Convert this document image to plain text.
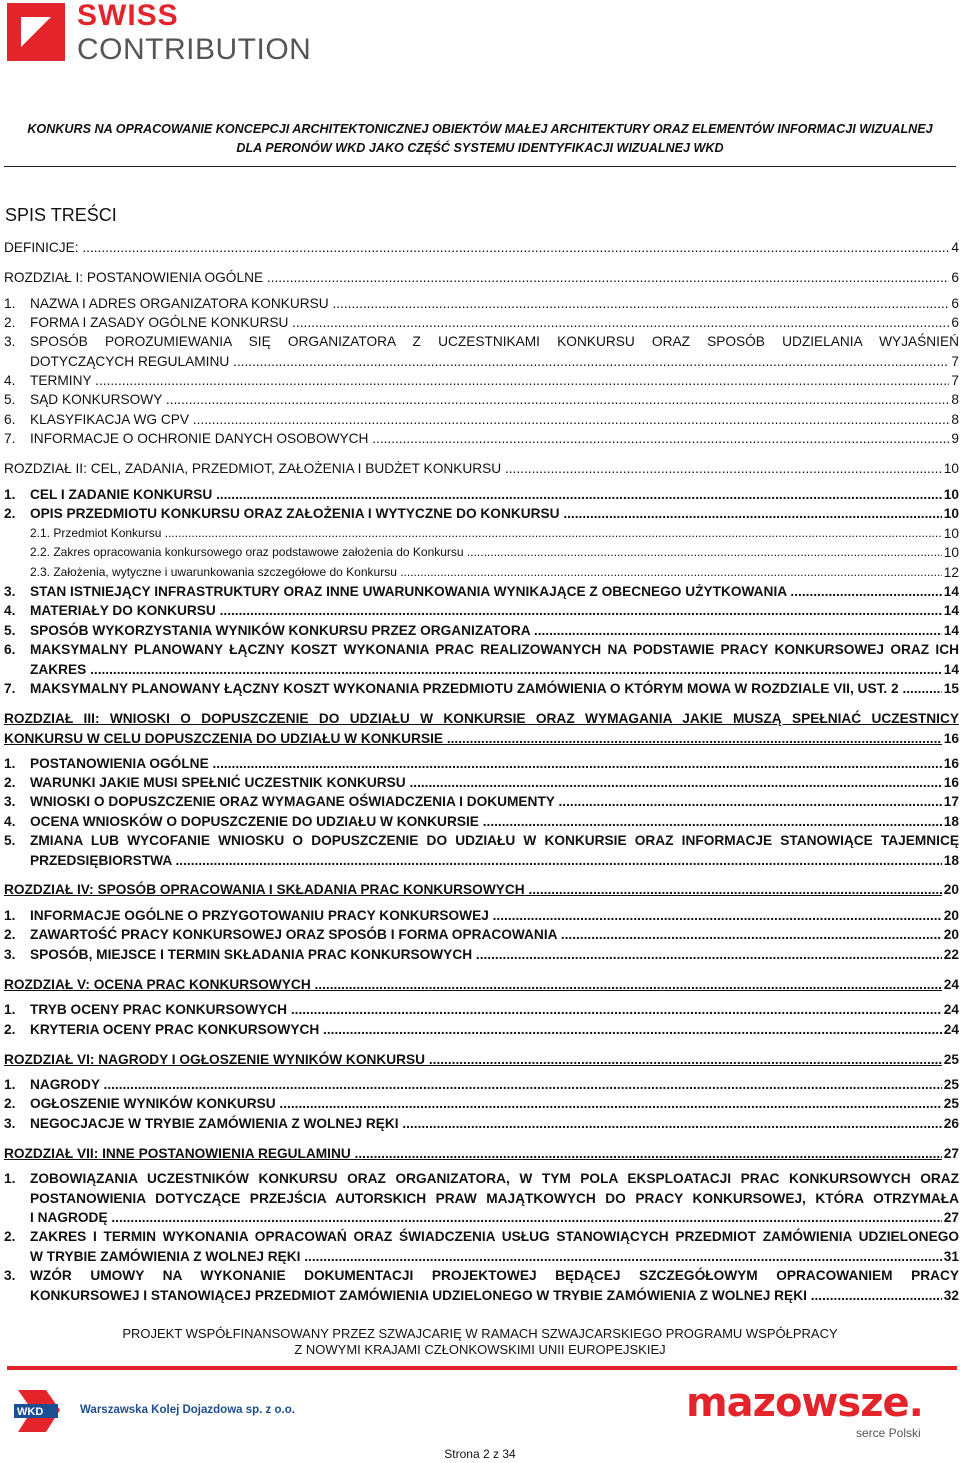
SWISS
CONTRIBUTION
KONKURS NA OPRACOWANIE KONCEPCJI ARCHITEKTONICZNEJ OBIEKTÓW MAŁEJ ARCHITEKTURY ORAZ ELEMENTÓW INFORMACJI WIZUALNEJ
DLA PERONÓW WKD JAKO CZĘŚĆ SYSTEMU IDENTYFIKACJI WIZUALNEJ WKD
SPIS TREŚCI
DEFINICJE: .....	4
ROZDZIAŁ I: POSTANOWIENIA OGÓLNE .....	6
1. NAZWA I ADRES ORGANIZATORA KONKURSU .....	6
2. FORMA I ZASADY OGÓLNE KONKURSU .....	6
3. SPOSÓB POROZUMIEWANIA SIĘ ORGANIZATORA Z UCZESTNIKAMI KONKURSU ORAZ SPOSÓB UDZIELANIA WYJAŚNIEŃ
DOTYCZĄCYCH REGULAMINU .....	7
4. TERMINY .....	7
5. SĄD KONKURSOWY .....	8
6. KLASYFIKACJA WG CPV .....	8
7. INFORMACJE O OCHRONIE DANYCH OSOBOWYCH .....	9
ROZDZIAŁ II: CEL, ZADANIA, PRZEDMIOT, ZAŁOŻENIA I BUDŻET KONKURSU .....	10
1. CEL I ZADANIE KONKURSU .....	10
2. OPIS PRZEDMIOTU KONKURSU ORAZ ZAŁOŻENIA I WYTYCZNE DO KONKURSU .....	10
2.1. Przedmiot Konkursu .....	10
2.2. Zakres opracowania konkursowego oraz podstawowe założenia do Konkursu .....	10
2.3. Założenia, wytyczne i uwarunkowania szczegółowe do Konkursu .....	12
3. STAN ISTNIEJĄCY INFRASTRUKTURY ORAZ INNE UWARUNKOWANIA WYNIKAJĄCE Z OBECNEGO UŻYTKOWANIA .....	14
4. MATERIAŁY DO KONKURSU .....	14
5. SPOSÓB WYKORZYSTANIA WYNIKÓW KONKURSU PRZEZ ORGANIZATORA .....	14
6. MAKSYMALNY PLANOWANY ŁĄCZNY KOSZT WYKONANIA PRAC REALIZOWANYCH NA PODSTAWIE PRACY KONKURSOWEJ ORAZ ICH
ZAKRES .....	14
7. MAKSYMALNY PLANOWANY ŁĄCZNY KOSZT WYKONANIA PRZEDMIOTU ZAMÓWIENIA O KTÓRYM MOWA W ROZDZIALE VII, UST. 2 .....	15
ROZDZIAŁ III: WNIOSKI O DOPUSZCZENIE DO UDZIAŁU W KONKURSIE ORAZ WYMAGANIA JAKIE MUSZĄ SPEŁNIAĆ UCZESTNICY
KONKURSU W CELU DOPUSZCZENIA DO UDZIAŁU W KONKURSIE .....	16
1. POSTANOWIENIA OGÓLNE .....	16
2. WARUNKI JAKIE MUSI SPEŁNIĆ UCZESTNIK KONKURSU .....	16
3. WNIOSKI O DOPUSZCZENIE ORAZ WYMAGANE OŚWIADCZENIA I DOKUMENTY .....	17
4. OCENA WNIOSKÓW O DOPUSZCZENIE DO UDZIAŁU W KONKURSIE .....	18
5. ZMIANA LUB WYCOFANIE WNIOSKU O DOPUSZCZENIE DO UDZIAŁU W KONKURSIE ORAZ INFORMACJE STANOWIĄCE TAJEMNICĘ
PRZEDSIĘBIORSTWA .....	18
ROZDZIAŁ IV: SPOSÓB OPRACOWANIA I SKŁADANIA PRAC KONKURSOWYCH .....	20
1. INFORMACJE OGÓLNE O PRZYGOTOWANIU PRACY KONKURSOWEJ .....	20
2. ZAWARTOŚĆ PRACY KONKURSOWEJ ORAZ SPOSÓB I FORMA OPRACOWANIA .....	20
3. SPOSÓB, MIEJSCE I TERMIN SKŁADANIA PRAC KONKURSOWYCH .....	22
ROZDZIAŁ V: OCENA PRAC KONKURSOWYCH .....	24
1. TRYB OCENY PRAC KONKURSOWYCH .....	24
2. KRYTERIA OCENY PRAC KONKURSOWYCH .....	24
ROZDZIAŁ VI: NAGRODY I OGŁOSZENIE WYNIKÓW KONKURSU .....	25
1. NAGRODY .....	25
2. OGŁOSZENIE WYNIKÓW KONKURSU .....	25
3. NEGOCJACJE W TRYBIE ZAMÓWIENIA Z WOLNEJ RĘKI .....	26
ROZDZIAŁ VII: INNE POSTANOWIENIA REGULAMINU .....	27
1. ZOBOWIĄZANIA UCZESTNIKÓW KONKURSU ORAZ ORGANIZATORA, W TYM POLA EKSPLOATACJI PRAC KONKURSOWYCH ORAZ
POSTANOWIENIA DOTYCZĄCE PRZEJŚCIA AUTORSKICH PRAW MAJĄTKOWYCH DO PRACY KONKURSOWEJ, KTÓRA OTRZYMAŁA
I NAGRODĘ .....	27
2. ZAKRES I TERMIN WYKONANIA OPRACOWAŃ ORAZ ŚWIADCZENIA USŁUG STANOWIĄCYCH PRZEDMIOT ZAMÓWIENIA UDZIELONEGO
W TRYBIE ZAMÓWIENIA Z WOLNEJ RĘKI .....	31
3. WZÓR UMOWY NA WYKONANIE DOKUMENTACJI PROJEKTOWEJ BĘDĄCEJ SZCZEGÓŁOWYM OPRACOWANIEM PRACY
KONKURSOWEJ I STANOWIĄCEJ PRZEDMIOT ZAMÓWIENIA UDZIELONEGO W TRYBIE ZAMÓWIENIA Z WOLNEJ RĘKI .....	32
PROJEKT WSPÓŁFINANSOWANY PRZEZ SZWAJCARIĘ W RAMACH SZWAJCARSKIEGO PROGRAMU WSPÓŁPRACY
Z NOWYMI KRAJAMI CZŁONKOWSKIMI UNII EUROPEJSKIEJ
WKD	Warszawska Kolej Dojazdowa sp. z o.o.	mazowsze.
serce Polski
Strona 2 z 34
